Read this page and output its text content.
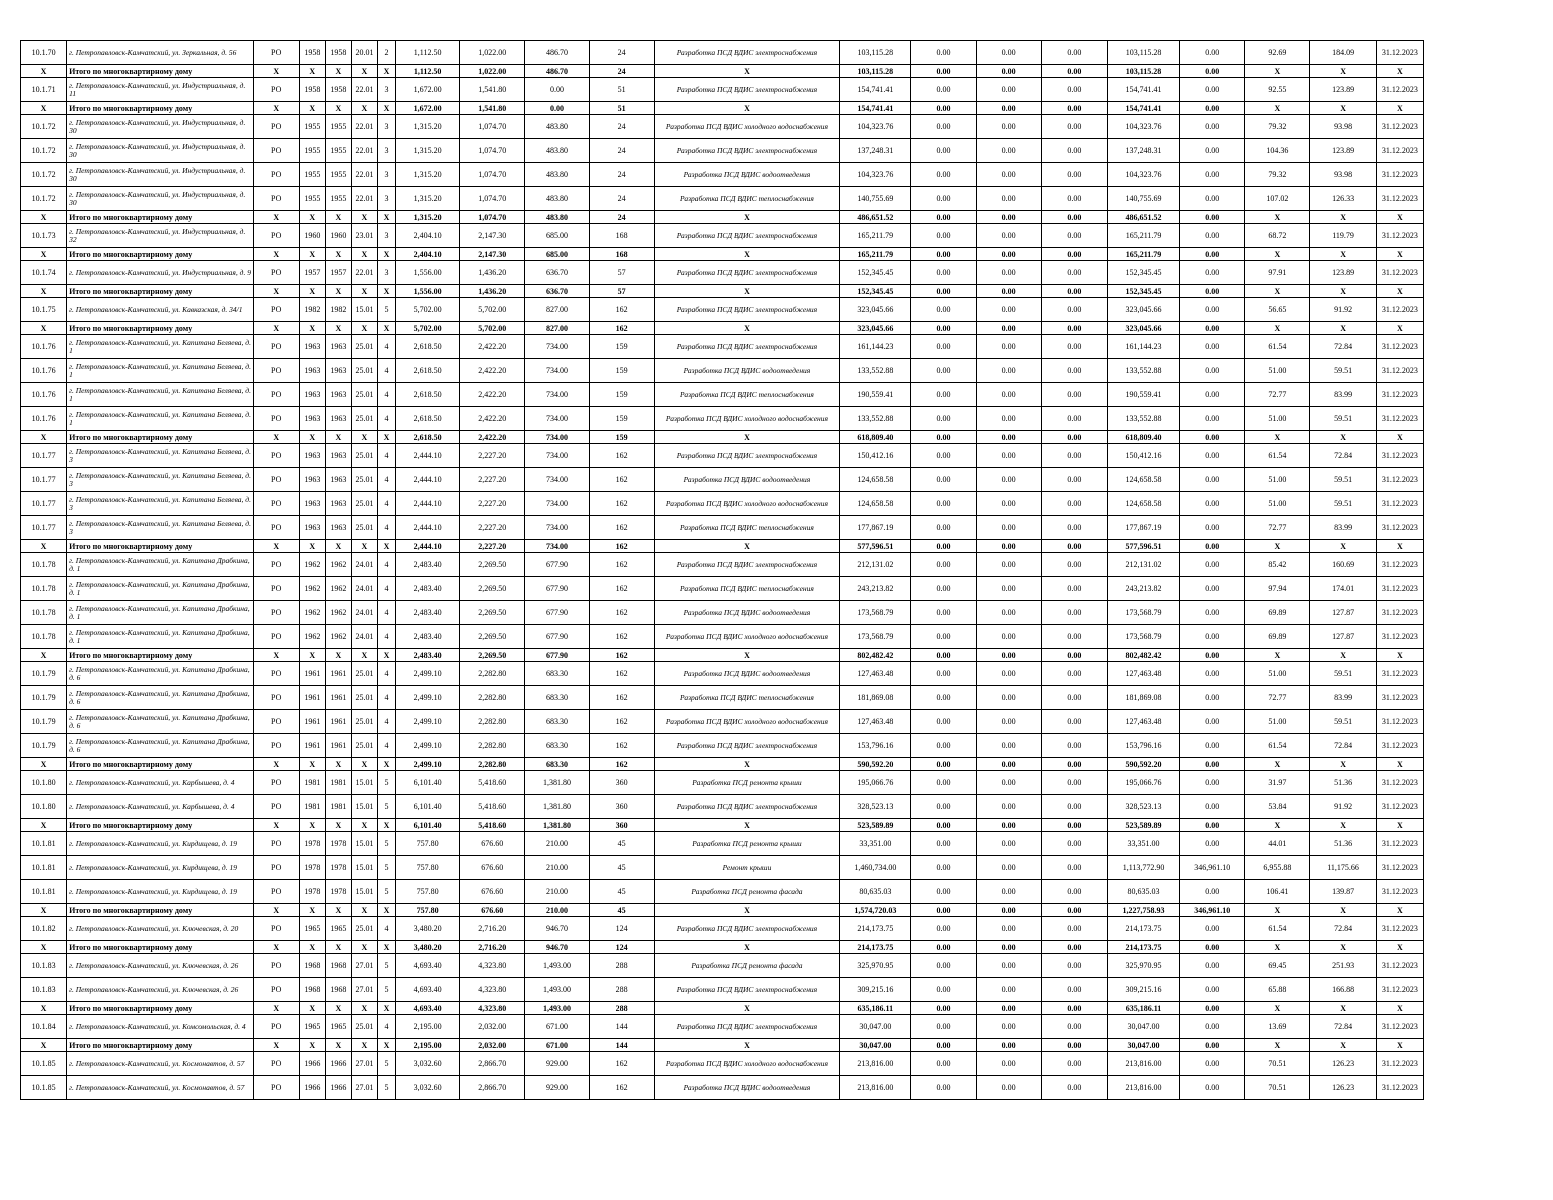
10.1.70	г. Петропавловск-Камчатский, ул. Зеркальная, д. 56	РО	1958	1958	20.01	2	1,112.50	1,022.00	486.70	24	Разработка ПСД ВДИС электроснабжения	103,115.28	0.00	0.00	0.00	103,115.28	0.00	92.69	184.09	31.12.2023
X	Итого по многоквартирному дому	X	X	X	X	X	1,112.50	1,022.00	486.70	24	X	103,115.28	0.00	0.00	0.00	103,115.28	0.00	X	X	X
10.1.71	г. Петропавловск-Камчатский, ул. Индустриальная, д. 11	РО	1958	1958	22.01	3	1,672.00	1,541.80	0.00	51	Разработка ПСД ВДИС электроснабжения	154,741.41	0.00	0.00	0.00	154,741.41	0.00	92.55	123.89	31.12.2023
X	Итого по многоквартирному дому	X	X	X	X	X	1,672.00	1,541.80	0.00	51	X	154,741.41	0.00	0.00	0.00	154,741.41	0.00	X	X	X
10.1.72	г. Петропавловск-Камчатский, ул. Индустриальная, д. 30	РО	1955	1955	22.01	3	1,315.20	1,074.70	483.80	24	Разработка ПСД ВДИС холодного водоснабжения	104,323.76	0.00	0.00	0.00	104,323.76	0.00	79.32	93.98	31.12.2023
10.1.72	г. Петропавловск-Камчатский, ул. Индустриальная, д. 30	РО	1955	1955	22.01	3	1,315.20	1,074.70	483.80	24	Разработка ПСД ВДИС электроснабжения	137,248.31	0.00	0.00	0.00	137,248.31	0.00	104.36	123.89	31.12.2023
10.1.72	г. Петропавловск-Камчатский, ул. Индустриальная, д. 30	РО	1955	1955	22.01	3	1,315.20	1,074.70	483.80	24	Разработка ПСД ВДИС водоотведения	104,323.76	0.00	0.00	0.00	104,323.76	0.00	79.32	93.98	31.12.2023
10.1.72	г. Петропавловск-Камчатский, ул. Индустриальная, д. 30	РО	1955	1955	22.01	3	1,315.20	1,074.70	483.80	24	Разработка ПСД ВДИС теплоснабжения	140,755.69	0.00	0.00	0.00	140,755.69	0.00	107.02	126.33	31.12.2023
X	Итого по многоквартирному дому	X	X	X	X	X	1,315.20	1,074.70	483.80	24	X	486,651.52	0.00	0.00	0.00	486,651.52	0.00	X	X	X
10.1.73	г. Петропавловск-Камчатский, ул. Индустриальная, д. 32	РО	1960	1960	23.01	3	2,404.10	2,147.30	685.00	168	Разработка ПСД ВДИС электроснабжения	165,211.79	0.00	0.00	0.00	165,211.79	0.00	68.72	119.79	31.12.2023
X	Итого по многоквартирному дому	X	X	X	X	X	2,404.10	2,147.30	685.00	168	X	165,211.79	0.00	0.00	0.00	165,211.79	0.00	X	X	X
10.1.74	г. Петропавловск-Камчатский, ул. Индустриальная, д. 9	РО	1957	1957	22.01	3	1,556.00	1,436.20	636.70	57	Разработка ПСД ВДИС электроснабжения	152,345.45	0.00	0.00	0.00	152,345.45	0.00	97.91	123.89	31.12.2023
X	Итого по многоквартирному дому	X	X	X	X	X	1,556.00	1,436.20	636.70	57	X	152,345.45	0.00	0.00	0.00	152,345.45	0.00	X	X	X
10.1.75	г. Петропавловск-Камчатский, ул. Кавказская, д. 34/1	РО	1982	1982	15.01	5	5,702.00	5,702.00	827.00	162	Разработка ПСД ВДИС электроснабжения	323,045.66	0.00	0.00	0.00	323,045.66	0.00	56.65	91.92	31.12.2023
X	Итого по многоквартирному дому	X	X	X	X	X	5,702.00	5,702.00	827.00	162	X	323,045.66	0.00	0.00	0.00	323,045.66	0.00	X	X	X
10.1.76	г. Петропавловск-Камчатский, ул. Капитана Беляева, д. 1	РО	1963	1963	25.01	4	2,618.50	2,422.20	734.00	159	Разработка ПСД ВДИС электроснабжения	161,144.23	0.00	0.00	0.00	161,144.23	0.00	61.54	72.84	31.12.2023
10.1.76	г. Петропавловск-Камчатский, ул. Капитана Беляева, д. 1	РО	1963	1963	25.01	4	2,618.50	2,422.20	734.00	159	Разработка ПСД ВДИС водоотведения	133,552.88	0.00	0.00	0.00	133,552.88	0.00	51.00	59.51	31.12.2023
10.1.76	г. Петропавловск-Камчатский, ул. Капитана Беляева, д. 1	РО	1963	1963	25.01	4	2,618.50	2,422.20	734.00	159	Разработка ПСД ВДИС теплоснабжения	190,559.41	0.00	0.00	0.00	190,559.41	0.00	72.77	83.99	31.12.2023
10.1.76	г. Петропавловск-Камчатский, ул. Капитана Беляева, д. 1	РО	1963	1963	25.01	4	2,618.50	2,422.20	734.00	159	Разработка ПСД ВДИС холодного водоснабжения	133,552.88	0.00	0.00	0.00	133,552.88	0.00	51.00	59.51	31.12.2023
X	Итого по многоквартирному дому	X	X	X	X	X	2,618.50	2,422.20	734.00	159	X	618,809.40	0.00	0.00	0.00	618,809.40	0.00	X	X	X
10.1.77	г. Петропавловск-Камчатский, ул. Капитана Беляева, д. 3	РО	1963	1963	25.01	4	2,444.10	2,227.20	734.00	162	Разработка ПСД ВДИС электроснабжения	150,412.16	0.00	0.00	0.00	150,412.16	0.00	61.54	72.84	31.12.2023
10.1.77	г. Петропавловск-Камчатский, ул. Капитана Беляева, д. 3	РО	1963	1963	25.01	4	2,444.10	2,227.20	734.00	162	Разработка ПСД ВДИС водоотведения	124,658.58	0.00	0.00	0.00	124,658.58	0.00	51.00	59.51	31.12.2023
10.1.77	г. Петропавловск-Камчатский, ул. Капитана Беляева, д. 3	РО	1963	1963	25.01	4	2,444.10	2,227.20	734.00	162	Разработка ПСД ВДИС холодного водоснабжения	124,658.58	0.00	0.00	0.00	124,658.58	0.00	51.00	59.51	31.12.2023
10.1.77	г. Петропавловск-Камчатский, ул. Капитана Беляева, д. 3	РО	1963	1963	25.01	4	2,444.10	2,227.20	734.00	162	Разработка ПСД ВДИС теплоснабжения	177,867.19	0.00	0.00	0.00	177,867.19	0.00	72.77	83.99	31.12.2023
X	Итого по многоквартирному дому	X	X	X	X	X	2,444.10	2,227.20	734.00	162	X	577,596.51	0.00	0.00	0.00	577,596.51	0.00	X	X	X
10.1.78	г. Петропавловск-Камчатский, ул. Капитана Драбкина, д. 1	РО	1962	1962	24.01	4	2,483.40	2,269.50	677.90	162	Разработка ПСД ВДИС электроснабжения	212,131.02	0.00	0.00	0.00	212,131.02	0.00	85.42	160.69	31.12.2023
10.1.78	г. Петропавловск-Камчатский, ул. Капитана Драбкина, д. 1	РО	1962	1962	24.01	4	2,483.40	2,269.50	677.90	162	Разработка ПСД ВДИС теплоснабжения	243,213.82	0.00	0.00	0.00	243,213.82	0.00	97.94	174.01	31.12.2023
10.1.78	г. Петропавловск-Камчатский, ул. Капитана Драбкина, д. 1	РО	1962	1962	24.01	4	2,483.40	2,269.50	677.90	162	Разработка ПСД ВДИС водоотведения	173,568.79	0.00	0.00	0.00	173,568.79	0.00	69.89	127.87	31.12.2023
10.1.78	г. Петропавловск-Камчатский, ул. Капитана Драбкина, д. 1	РО	1962	1962	24.01	4	2,483.40	2,269.50	677.90	162	Разработка ПСД ВДИС холодного водоснабжения	173,568.79	0.00	0.00	0.00	173,568.79	0.00	69.89	127.87	31.12.2023
X	Итого по многоквартирному дому	X	X	X	X	X	2,483.40	2,269.50	677.90	162	X	802,482.42	0.00	0.00	0.00	802,482.42	0.00	X	X	X
10.1.79	г. Петропавловск-Камчатский, ул. Капитана Драбкина, д. 6	РО	1961	1961	25.01	4	2,499.10	2,282.80	683.30	162	Разработка ПСД ВДИС водоотведения	127,463.48	0.00	0.00	0.00	127,463.48	0.00	51.00	59.51	31.12.2023
10.1.79	г. Петропавловск-Камчатский, ул. Капитана Драбкина, д. 6	РО	1961	1961	25.01	4	2,499.10	2,282.80	683.30	162	Разработка ПСД ВДИС теплоснабжения	181,869.08	0.00	0.00	0.00	181,869.08	0.00	72.77	83.99	31.12.2023
10.1.79	г. Петропавловск-Камчатский, ул. Капитана Драбкина, д. 6	РО	1961	1961	25.01	4	2,499.10	2,282.80	683.30	162	Разработка ПСД ВДИС холодного водоснабжения	127,463.48	0.00	0.00	0.00	127,463.48	0.00	51.00	59.51	31.12.2023
10.1.79	г. Петропавловск-Камчатский, ул. Капитана Драбкина, д. 6	РО	1961	1961	25.01	4	2,499.10	2,282.80	683.30	162	Разработка ПСД ВДИС электроснабжения	153,796.16	0.00	0.00	0.00	153,796.16	0.00	61.54	72.84	31.12.2023
X	Итого по многоквартирному дому	X	X	X	X	X	2,499.10	2,282.80	683.30	162	X	590,592.20	0.00	0.00	0.00	590,592.20	0.00	X	X	X
10.1.80	г. Петропавловск-Камчатский, ул. Карбышева, д. 4	РО	1981	1981	15.01	5	6,101.40	5,418.60	1,381.80	360	Разработка ПСД ремонта крыши	195,066.76	0.00	0.00	0.00	195,066.76	0.00	31.97	51.36	31.12.2023
10.1.80	г. Петропавловск-Камчатский, ул. Карбышева, д. 4	РО	1981	1981	15.01	5	6,101.40	5,418.60	1,381.80	360	Разработка ПСД ВДИС электроснабжения	328,523.13	0.00	0.00	0.00	328,523.13	0.00	53.84	91.92	31.12.2023
X	Итого по многоквартирному дому	X	X	X	X	X	6,101.40	5,418.60	1,381.80	360	X	523,589.89	0.00	0.00	0.00	523,589.89	0.00	X	X	X
10.1.81	г. Петропавловск-Камчатский, ул. Кирдищева, д. 19	РО	1978	1978	15.01	5	757.80	676.60	210.00	45	Разработка ПСД ремонта крыши	33,351.00	0.00	0.00	0.00	33,351.00	0.00	44.01	51.36	31.12.2023
10.1.81	г. Петропавловск-Камчатский, ул. Кирдищева, д. 19	РО	1978	1978	15.01	5	757.80	676.60	210.00	45	Ремонт крыши	1,460,734.00	0.00	0.00	0.00	1,113,772.90	346,961.10	6,955.88	11,175.66	31.12.2023
10.1.81	г. Петропавловск-Камчатский, ул. Кирдищева, д. 19	РО	1978	1978	15.01	5	757.80	676.60	210.00	45	Разработка ПСД ремонта фасада	80,635.03	0.00	0.00	0.00	80,635.03	0.00	106.41	139.87	31.12.2023
X	Итого по многоквартирному дому	X	X	X	X	X	757.80	676.60	210.00	45	X	1,574,720.03	0.00	0.00	0.00	1,227,758.93	346,961.10	X	X	X
10.1.82	г. Петропавловск-Камчатский, ул. Ключевская, д. 20	РО	1965	1965	25.01	4	3,480.20	2,716.20	946.70	124	Разработка ПСД ВДИС электроснабжения	214,173.75	0.00	0.00	0.00	214,173.75	0.00	61.54	72.84	31.12.2023
X	Итого по многоквартирному дому	X	X	X	X	X	3,480.20	2,716.20	946.70	124	X	214,173.75	0.00	0.00	0.00	214,173.75	0.00	X	X	X
10.1.83	г. Петропавловск-Камчатский, ул. Ключевская, д. 26	РО	1968	1968	27.01	5	4,693.40	4,323.80	1,493.00	288	Разработка ПСД ремонта фасада	325,970.95	0.00	0.00	0.00	325,970.95	0.00	69.45	251.93	31.12.2023
10.1.83	г. Петропавловск-Камчатский, ул. Ключевская, д. 26	РО	1968	1968	27.01	5	4,693.40	4,323.80	1,493.00	288	Разработка ПСД ВДИС электроснабжения	309,215.16	0.00	0.00	0.00	309,215.16	0.00	65.88	166.88	31.12.2023
X	Итого по многоквартирному дому	X	X	X	X	X	4,693.40	4,323.80	1,493.00	288	X	635,186.11	0.00	0.00	0.00	635,186.11	0.00	X	X	X
10.1.84	г. Петропавловск-Камчатский, ул. Комсомольская, д. 4	РО	1965	1965	25.01	4	2,195.00	2,032.00	671.00	144	Разработка ПСД ВДИС электроснабжения	30,047.00	0.00	0.00	0.00	30,047.00	0.00	13.69	72.84	31.12.2023
X	Итого по многоквартирному дому	X	X	X	X	X	2,195.00	2,032.00	671.00	144	X	30,047.00	0.00	0.00	0.00	30,047.00	0.00	X	X	X
10.1.85	г. Петропавловск-Камчатский, ул. Космонавтов, д. 57	РО	1966	1966	27.01	5	3,032.60	2,866.70	929.00	162	Разработка ПСД ВДИС холодного водоснабжения	213,816.00	0.00	0.00	0.00	213,816.00	0.00	70.51	126.23	31.12.2023
10.1.85	г. Петропавловск-Камчатский, ул. Космонавтов, д. 57	РО	1966	1966	27.01	5	3,032.60	2,866.70	929.00	162	Разработка ПСД ВДИС водоотведения	213,816.00	0.00	0.00	0.00	213,816.00	0.00	70.51	126.23	31.12.2023
